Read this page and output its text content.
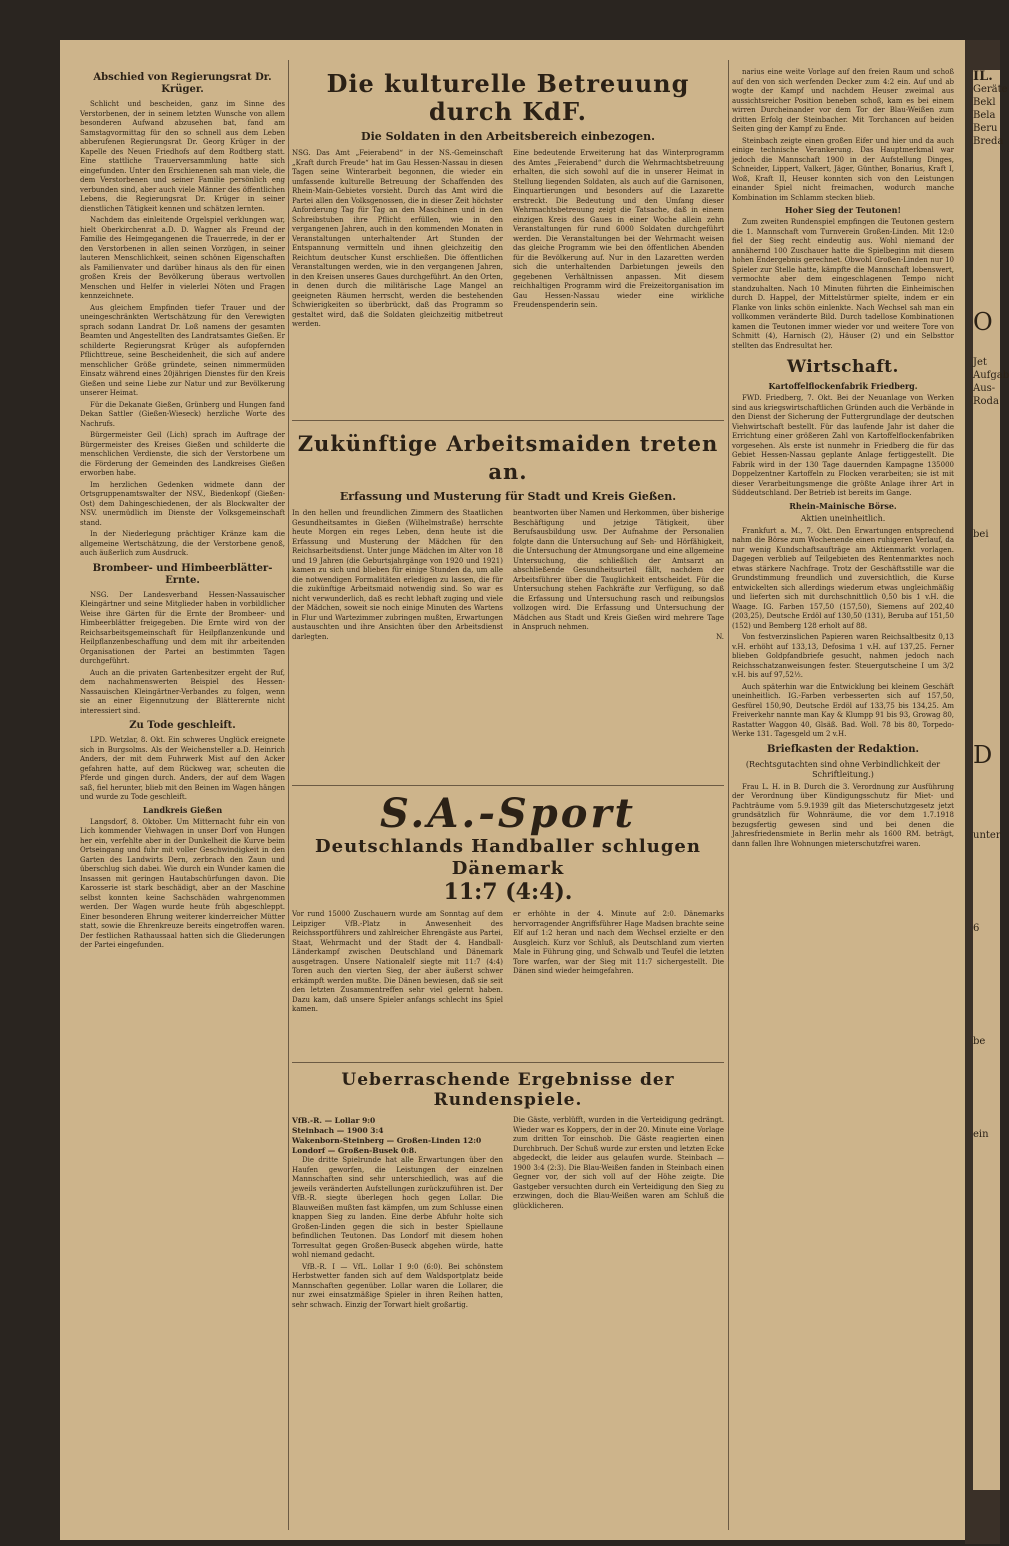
Abschied von Regierungsrat Dr. Krüger.

Schlicht und bescheiden, ganz im Sinne des Verstorbenen, der in seinem letzten Wunsche von allem besonderen Aufwand abzusehen bat, fand am Samstagvormittag für den so schnell aus dem Leben abberufenen Regierungsrat Dr. Georg Krüger in der Kapelle des Neuen Friedhofs auf dem Rodtberg statt. Eine stattliche Trauerversammlung hatte sich eingefunden. Unter den Erschienenen sah man viele, die dem Verstorbenen und seiner Familie persönlich eng verbunden sind, aber auch viele Männer des öffentlichen Lebens, die Regierungsrat Dr. Krüger in seiner dienstlichen Tätigkeit kennen und schätzen lernten.

Nachdem das einleitende Orgelspiel verklungen war, hielt Oberkirchenrat a.D. D. Wagner als Freund der Familie des Heimgegangenen die Trauerrede, in der er den Verstorbenen in allen seinen Vorzügen, in seiner lauteren Menschlichkeit, seinen schönen Eigenschaften als Familienvater und darüber hinaus als den für einen großen Kreis der Bevölkerung überaus wertvollen Menschen und Helfer in vielerlei Nöten und Fragen kennzeichnete.

Aus gleichem Empfinden tiefer Trauer und der uneingeschränkten Wertschätzung für den Verewigten sprach sodann Landrat Dr. Loß namens der gesamten Beamten und Angestellten des Landratsamtes Gießen. Er schilderte Regierungsrat Krüger als aufopfernden Pflichttreue, seine Bescheidenheit, die sich auf andere menschlicher Größe gründete, seinen nimmermüden Einsatz während eines 20jährigen Dienstes für den Kreis Gießen und seine Liebe zur Natur und zur Bevölkerung unserer Heimat.

Für die Dekanate Gießen, Grünberg und Hungen fand Dekan Sattler (Gießen-Wieseck) herzliche Worte des Nachrufs.

Bürgermeister Geil (Lich) sprach im Auftrage der Bürgermeister des Kreises Gießen und schilderte die menschlichen Verdienste, die sich der Verstorbene um die Förderung der Gemeinden des Landkreises Gießen erworben habe.

Im herzlichen Gedenken widmete dann der Ortsgruppenamtswalter der NSV., Biedenkopf (Gießen-Ost) dem Dahingeschiedenen, der als Blockwalter der NSV. unermüdlich im Dienste der Volksgemeinschaft stand.

In der Niederlegung prächtiger Kränze kam die allgemeine Wertschätzung, die der Verstorbene genoß, auch äußerlich zum Ausdruck.

Brombeer- und Himbeerblätter-Ernte.

NSG. Der Landesverband Hessen-Nassauischer Kleingärtner und seine Mitglieder haben in vorbildlicher Weise ihre Gärten für die Ernte der Brombeer- und Himbeerblätter freigegeben. Die Ernte wird von der Reichsarbeitsgemeinschaft für Heilpflanzenkunde und Heilpflanzenbeschaffung und dem mit ihr arbeitenden Organisationen der Partei an bestimmten Tagen durchgeführt.

Auch an die privaten Gartenbesitzer ergeht der Ruf, dem nachahmenswerten Beispiel des Hessen-Nassauischen Kleingärtner-Verbandes zu folgen, wenn sie an einer Eigennutzung der Blätterernte nicht interessiert sind.

Zu Tode geschleift.

LPD. Wetzlar, 8. Okt. Ein schweres Unglück ereignete sich in Burgsolms. Als der Weichensteller a.D. Heinrich Anders, der mit dem Fuhrwerk Mist auf den Acker gefahren hatte, auf dem Rückweg war, scheuten die Pferde und gingen durch. Anders, der auf dem Wagen saß, fiel herunter, blieb mit den Beinen im Wagen hängen und wurde zu Tode geschleift.

Landkreis Gießen

Langsdorf, 8. Oktober. Um Mitternacht fuhr ein von Lich kommender Viehwagen in unser Dorf von Hungen her ein, verfehlte aber in der Dunkelheit die Kurve beim Ortseingang und fuhr mit voller Geschwindigkeit in den Garten des Landwirts Dern, zerbrach den Zaun und überschlug sich dabei. Wie durch ein Wunder kamen die Insassen mit geringen Hautabschürfungen davon. Die Karosserie ist stark beschädigt, aber an der Maschine selbst konnten keine Sachschäden wahrgenommen werden. Der Wagen wurde heute früh abgeschleppt. Einer besonderen Ehrung weiterer kinderreicher Mütter statt, sowie die Ehrenkreuze bereits eingetroffen waren. Der festlichen Rathaussaal hatten sich die Gliederungen der Partei eingefunden.

Die kulturelle Betreuung durch KdF.
Die Soldaten in den Arbeitsbereich einbezogen.
NSG. Das Amt „Feierabend“ in der NS.-Gemeinschaft „Kraft durch Freude“ hat im Gau Hessen-Nassau in diesen Tagen seine Winterarbeit begonnen, die wieder ein umfassende kulturelle Betreuung der Schaffenden des Rhein-Main-Gebietes vorsieht. Durch das Amt wird die Partei allen den Volksgenossen, die in dieser Zeit höchster Anforderung Tag für Tag an den Maschinen und in den Schreibstuben ihre Pflicht erfüllen, wie in den vergangenen Jahren, auch in den kommenden Monaten in Veranstaltungen unterhaltender Art Stunden der Entspannung vermitteln und ihnen gleichzeitig den Reichtum deutscher Kunst erschließen. Die öffentlichen Veranstaltungen werden, wie in den vergangenen Jahren, in den Kreisen unseres Gaues durchgeführt. An den Orten, in denen durch die militärische Lage Mangel an geeigneten Räumen herrscht, werden die bestehenden Schwierigkeiten so überbrückt, daß das Programm so gestaltet wird, daß die Soldaten gleichzeitig mitbetreut werden.
Eine bedeutende Erweiterung hat das Winterprogramm des Amtes „Feierabend“ durch die Wehrmachtsbetreuung erhalten, die sich sowohl auf die in unserer Heimat in Stellung liegenden Soldaten, als auch auf die Garnisonen, Einquartierungen und besonders auf die Lazarette erstreckt. Die Bedeutung und den Umfang dieser Wehrmachtsbetreuung zeigt die Tatsache, daß in einem einzigen Kreis des Gaues in einer Woche allein zehn Veranstaltungen für rund 6000 Soldaten durchgeführt werden. Die Veranstaltungen bei der Wehrmacht weisen das gleiche Programm wie bei den öffentlichen Abenden für die Bevölkerung auf. Nur in den Lazaretten werden sich die unterhaltenden Darbietungen jeweils den gegebenen Verhältnissen anpassen. Mit diesem reichhaltigen Programm wird die Freizeitorganisation im Gau Hessen-Nassau wieder eine wirkliche Freudenspenderin sein.
Zukünftige Arbeitsmaiden treten an.
Erfassung und Musterung für Stadt und Kreis Gießen.
In den hellen und freundlichen Zimmern des Staatlichen Gesundheitsamtes in Gießen (Wilhelmstraße) herrschte heute Morgen ein reges Leben, denn heute ist die Erfassung und Musterung der Mädchen für den Reichsarbeitsdienst. Unter junge Mädchen im Alter von 18 und 19 Jahren (die Geburtsjahrgänge von 1920 und 1921) kamen zu sich und blieben für einige Stunden da, um alle die notwendigen Formalitäten erledigen zu lassen, die für die zukünftige Arbeitsmaid notwendig sind. So war es nicht verwunderlich, daß es recht lebhaft zuging und viele der Mädchen, soweit sie noch einige Minuten des Wartens in Flur und Wartezimmer zubringen mußten, Erwartungen austauschten und ihre Ansichten über den Arbeitsdienst darlegten.
beantworten über Namen und Herkommen, über bisherige Beschäftigung und jetzige Tätigkeit, über Berufsausbildung usw. Der Aufnahme der Personalien folgte dann die Untersuchung auf Seh- und Hörfähigkeit, die Untersuchung der Atmungsorgane und eine allgemeine Untersuchung, die schließlich der Amtsarzt an abschließende Gesundheitsurteil fällt, nachdem der Arbeitsführer über die Tauglichkeit entscheidet. Für die Untersuchung stehen Fachkräfte zur Verfügung, so daß die Erfassung und Untersuchung rasch und reibungslos vollzogen wird. Die Erfassung und Untersuchung der Mädchen aus Stadt und Kreis Gießen wird mehrere Tage in Anspruch nehmen.
N.
S.A.-Sport
Deutschlands Handballer schlugen Dänemark
11:7 (4:4).
Vor rund 15000 Zuschauern wurde am Sonntag auf dem Leipziger VfB.-Platz in Anwesenheit des Reichssportführers und zahlreicher Ehrengäste aus Partei, Staat, Wehrmacht und der Stadt der 4. Handball-Länderkampf zwischen Deutschland und Dänemark ausgetragen. Unsere Nationalelf siegte mit 11:7 (4:4) Toren auch den vierten Sieg, der aber äußerst schwer erkämpft werden mußte. Die Dänen bewiesen, daß sie seit den letzten Zusammentreffen sehr viel gelernt haben. Dazu kam, daß unsere Spieler anfangs schlecht ins Spiel kamen.
er erhöhte in der 4. Minute auf 2:0. Dänemarks hervorragender Angriffsführer Hage Madsen brachte seine Elf auf 1:2 heran und nach dem Wechsel erzielte er den Ausgleich. Kurz vor Schluß, als Deutschland zum vierten Male in Führung ging, und Schwalb und Teufel die letzten Tore warfen, war der Sieg mit 11:7 sichergestellt. Die Dänen sind wieder heimgefahren.
Ueberraschende Ergebnisse der Rundenspiele.
VfB.-R. — Lollar 9:0
Steinbach — 1900 3:4
Wakenborn-Steinberg — Großen-Linden 12:0
Londorf — Großen-Busek 0:8.

Die dritte Spielrunde hat alle Erwartungen über den Haufen geworfen, die Leistungen der einzelnen Mannschaften sind sehr unterschiedlich, was auf die jeweils veränderten Aufstellungen zurückzuführen ist. Der VfB.-R. siegte überlegen hoch gegen Lollar. Die Blauweißen mußten fast kämpfen, um zum Schlusse einen knappen Sieg zu landen. Eine derbe Abfuhr holte sich Großen-Linden gegen die sich in bester Spiellaune befindlichen Teutonen. Das Londorf mit diesem hohen Torresultat gegen Großen-Buseck abgehen würde, hatte wohl niemand gedacht.

VfB.-R. I — VfL. Lollar I 9:0 (6:0). Bei schönstem Herbstwetter fanden sich auf dem Waldsportplatz beide Mannschaften gegenüber. Lollar waren die Lollarer, die nur zwei einsatzmäßige Spieler in ihren Reihen hatten, sehr schwach. Einzig der Torwart hielt großartig.

Die Gäste, verblüfft, wurden in die Verteidigung gedrängt. Wieder war es Koppers, der in der 20. Minute eine Vorlage zum dritten Tor einschob. Die Gäste reagierten einen Durchbruch. Der Schuß wurde zur ersten und letzten Ecke abgedeckt, die leider aus gelaufen wurde. Steinbach — 1900 3:4 (2:3). Die Blau-Weißen fanden in Steinbach einen Gegner vor, der sich voll auf der Höhe zeigte. Die Gastgeber versuchten durch ein Verteidigung den Sieg zu erzwingen, doch die Blau-Weißen waren am Schluß die glücklicheren.

narius eine weite Vorlage auf den freien Raum und schoß auf den von sich werfenden Decker zum 4:2 ein. Auf und ab wogte der Kampf und nachdem Heuser zweimal aus aussichtsreicher Position beneben schoß, kam es bei einem wirren Durcheinander vor dem Tor der Blau-Weißen zum dritten Erfolg der Steinbacher. Mit Torchancen auf beiden Seiten ging der Kampf zu Ende.

Steinbach zeigte einen großen Eifer und hier und da auch einige technische Verankerung. Das Hauptmerkmal war jedoch die Mannschaft 1900 in der Aufstellung Dinges, Schneider, Lippert, Valkert, Jäger, Günther, Bonarius, Kraft I, Woß, Kraft II, Heuser konnten sich von den Leistungen einander Spiel nicht freimachen, wodurch manche Kombination im Schlamm stecken blieb.

Hoher Sieg der Teutonen!

Zum zweiten Rundenspiel empfingen die Teutonen gestern die 1. Mannschaft vom Turnverein Großen-Linden. Mit 12:0 fiel der Sieg recht eindeutig aus. Wohl niemand der annähernd 100 Zuschauer hatte die Spielbeginn mit diesem hohen Endergebnis gerechnet. Obwohl Großen-Linden nur 10 Spieler zur Stelle hatte, kämpfte die Mannschaft lobenswert, vermochte aber dem eingeschlagenen Tempo nicht standzuhalten. Nach 10 Minuten führten die Einheimischen durch D. Happel, der Mittelstürmer spielte, indem er ein Flanke von links schön einlenkte. Nach Wechsel sah man ein vollkommen veränderte Bild. Durch tadellose Kombinationen kamen die Teutonen immer wieder vor und weitere Tore von Schmitt (4), Harnisch (2), Häuser (2) und ein Selbsttor stellten das Endresultat her.

Wirtschaft.
Kartoffelflockenfabrik Friedberg.

FWD. Friedberg, 7. Okt. Bei der Neuanlage von Werken sind aus kriegswirtschaftlichen Gründen auch die Verbände in den Dienst der Sicherung der Futtergrundlage der deutschen Viehwirtschaft bestellt. Für das laufende Jahr ist daher die Errichtung einer größeren Zahl von Kartoffelflockenfabriken vorgesehen. Als erste ist nunmehr in Friedberg die für das Gebiet Hessen-Nassau geplante Anlage fertiggestellt. Die Fabrik wird in der 130 Tage dauernden Kampagne 135000 Doppelzentner Kartoffeln zu Flocken verarbeiten; sie ist mit dieser Verarbeitungsmenge die größte Anlage ihrer Art in Süddeutschland. Der Betrieb ist bereits im Gange.

Rhein-Mainische Börse.
Aktien uneinheitlich.

Frankfurt a. M., 7. Okt. Den Erwartungen entsprechend nahm die Börse zum Wochenende einen ruhigeren Verlauf, da nur wenig Kundschaftsaufträge am Aktienmarkt vorlagen. Dagegen verblieb auf Teilgebieten des Rentenmarktes noch etwas stärkere Nachfrage. Trotz der Geschäftsstille war die Grundstimmung freundlich und zuversichtlich, die Kurse entwickelten sich allerdings wiederum etwas ungleichmäßig und lieferten sich mit durchschnittlich 0,50 bis 1 v.H. die Waage. IG. Farben 157,50 (157,50), Siemens auf 202,40 (203,25), Deutsche Erdöl auf 130,50 (131), Beruba auf 151,50 (152) und Bemberg 128 erholt auf 88.

Von festverzinslichen Papieren waren Reichsaltbesitz 0,13 v.H. erhöht auf 133,13, Defosima 1 v.H. auf 137,25. Ferner blieben Goldpfandbriefe gesucht, nahmen jedoch nach Reichsschatzanweisungen fester. Steuergutscheine I um 3/2 v.H. bis auf 97,52½.

Auch späterhin war die Entwicklung bei kleinem Geschäft uneinheitlich. IG.-Farben verbesserten sich auf 157,50, Gesfürel 150,90, Deutsche Erdöl auf 133,75 bis 134,25. Am Freiverkehr nannte man Kay & Klumpp 91 bis 93, Growag 80, Rastatter Waggon 40, Glsäß. Bad. Woll. 78 bis 80, Torpedo-Werke 131. Tagesgeld um 2 v.H.

Briefkasten der Redaktion.
(Rechtsgutachten sind ohne Verbindlichkeit der Schriftleitung.)

Frau L. H. in B. Durch die 3. Verordnung zur Ausführung der Verordnung über Kündigungsschutz für Miet- und Pachträume vom 5.9.1939 gilt das Mieterschutzgesetz jetzt grundsätzlich für Wohnräume, die vor dem 1.7.1918 bezugsfertig gewesen sind und bei denen die Jahresfriedensmiete in Berlin mehr als 1600 RM. beträgt, dann fallen Ihre Wohnungen mieterschutzfrei waren.

IL.
Geräte
Bekl
Bela
Beru
Breda
O
Jet
Aufgab
Aus-
Roda
bei
D
unter
6
be
ein
